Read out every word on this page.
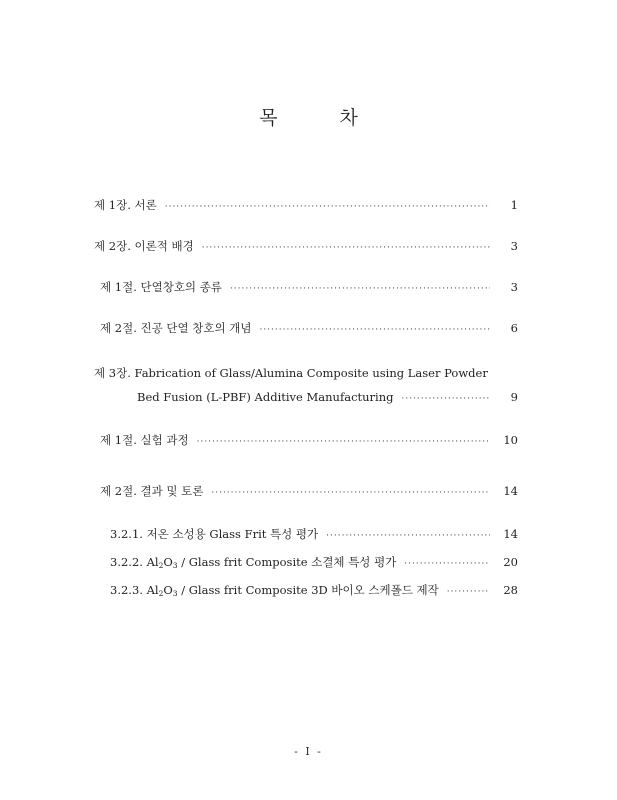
목 차
제 1장. 서론 ·····	1
제 2장. 이론적 배경 ·····	3
제 1절. 단열창호의 종류 ·····	3
제 2절. 진공 단열 창호의 개념 ·····	6
제 3장. Fabrication of Glass/Alumina Composite using Laser Powder
Bed Fusion (L-PBF) Additive Manufacturing ·····	9
제 1절. 실험 과정 ·····	10
제 2절. 결과 및 토론 ·····	14
3.2.1. 저온 소성용 Glass Frit 특성 평가 ·····	14
3.2.2. $Al_2O_3$ / Glass frit Composite 소결체 특성 평가 ·····	20
3.2.3. $Al_2O_3$ / Glass frit Composite 3D 바이오 스케폴드 제작 ·····	28
- I -
